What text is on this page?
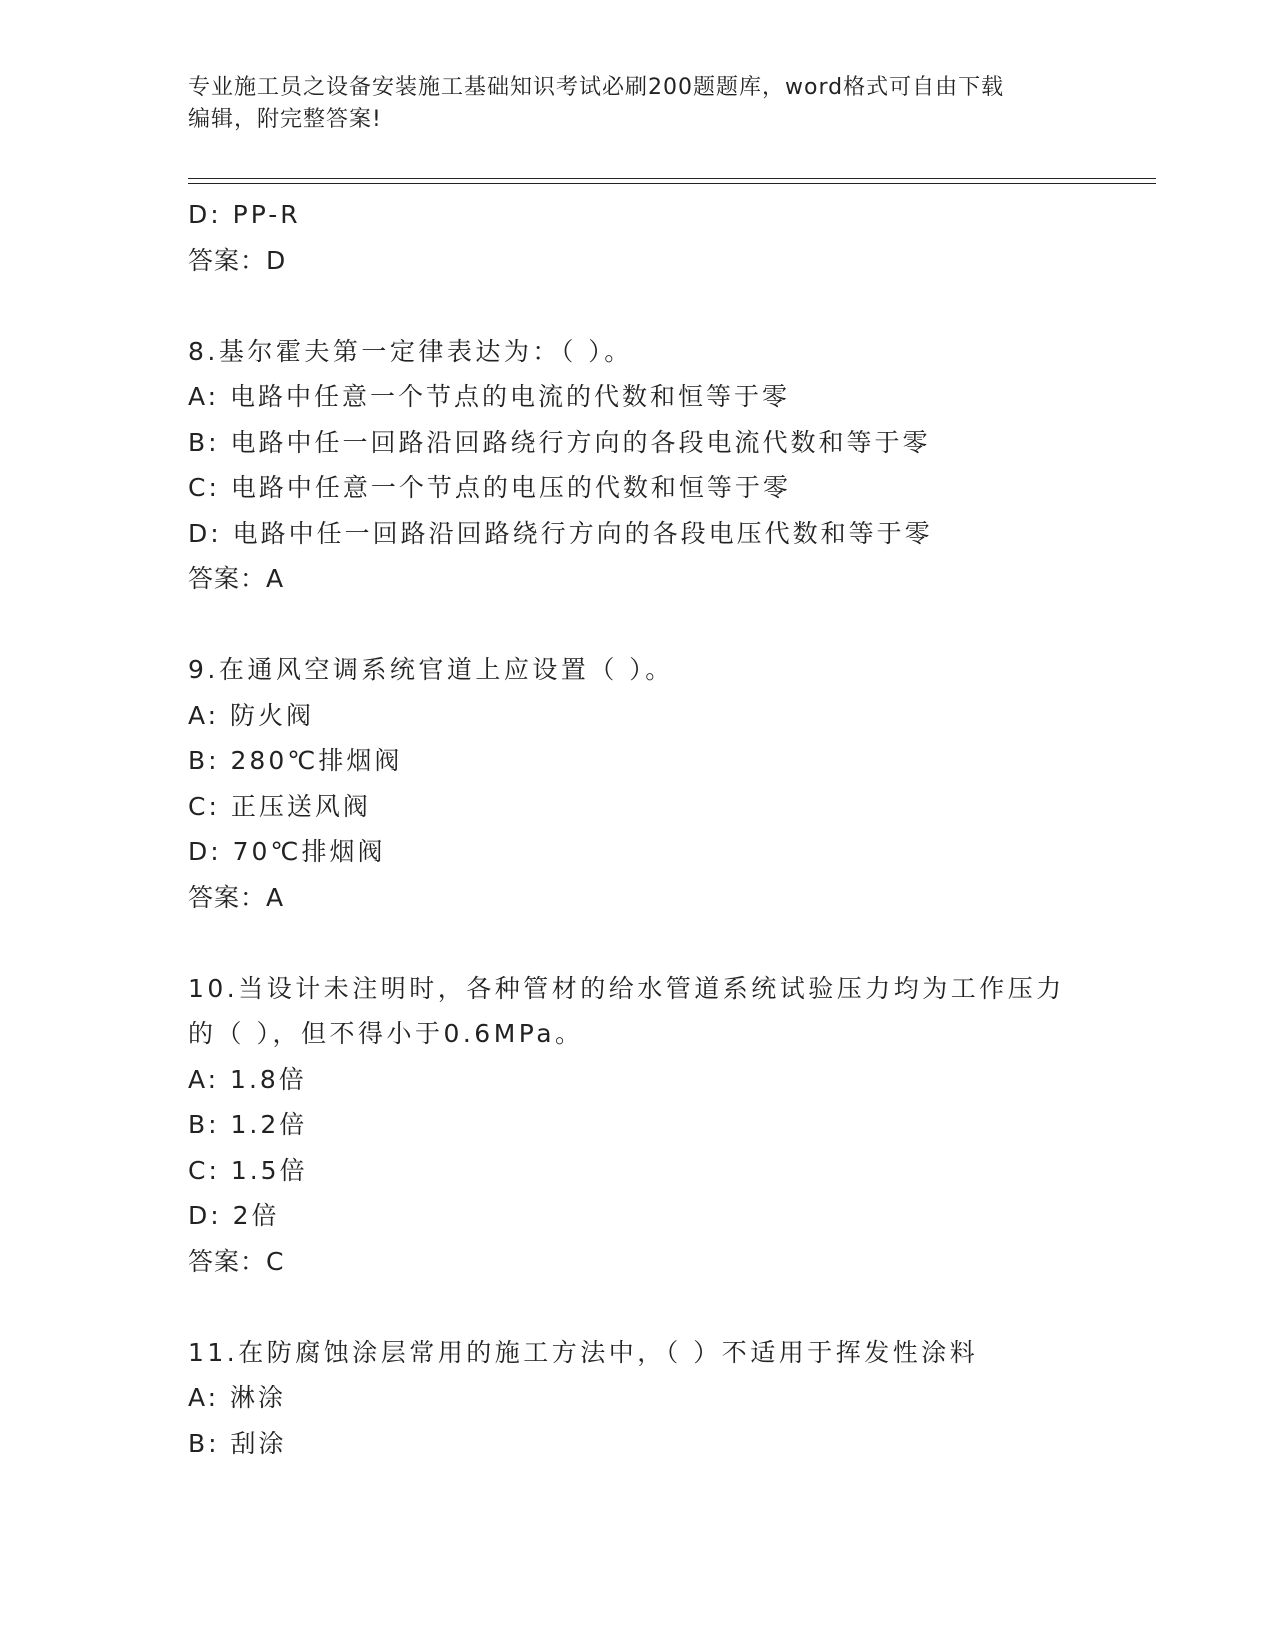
专业施工员之设备安装施工基础知识考试必刷200题题库，word格式可自由下载
编辑，附完整答案!
D: PP-R
答案：D
8.基尔霍夫第一定律表达为：（ ）。
A: 电路中任意一个节点的电流的代数和恒等于零
B: 电路中任一回路沿回路绕行方向的各段电流代数和等于零
C: 电路中任意一个节点的电压的代数和恒等于零
D: 电路中任一回路沿回路绕行方向的各段电压代数和等于零
答案：A
9.在通风空调系统官道上应设置（ ）。
A: 防火阀
B: 280℃排烟阀
C: 正压送风阀
D: 70℃排烟阀
答案：A
10.当设计未注明时，各种管材的给水管道系统试验压力均为工作压力
的（ ），但不得小于0.6MPa。
A: 1.8倍
B: 1.2倍
C: 1.5倍
D: 2倍
答案：C
11.在防腐蚀涂层常用的施工方法中，（ ）不适用于挥发性涂料
A: 淋涂
B: 刮涂
